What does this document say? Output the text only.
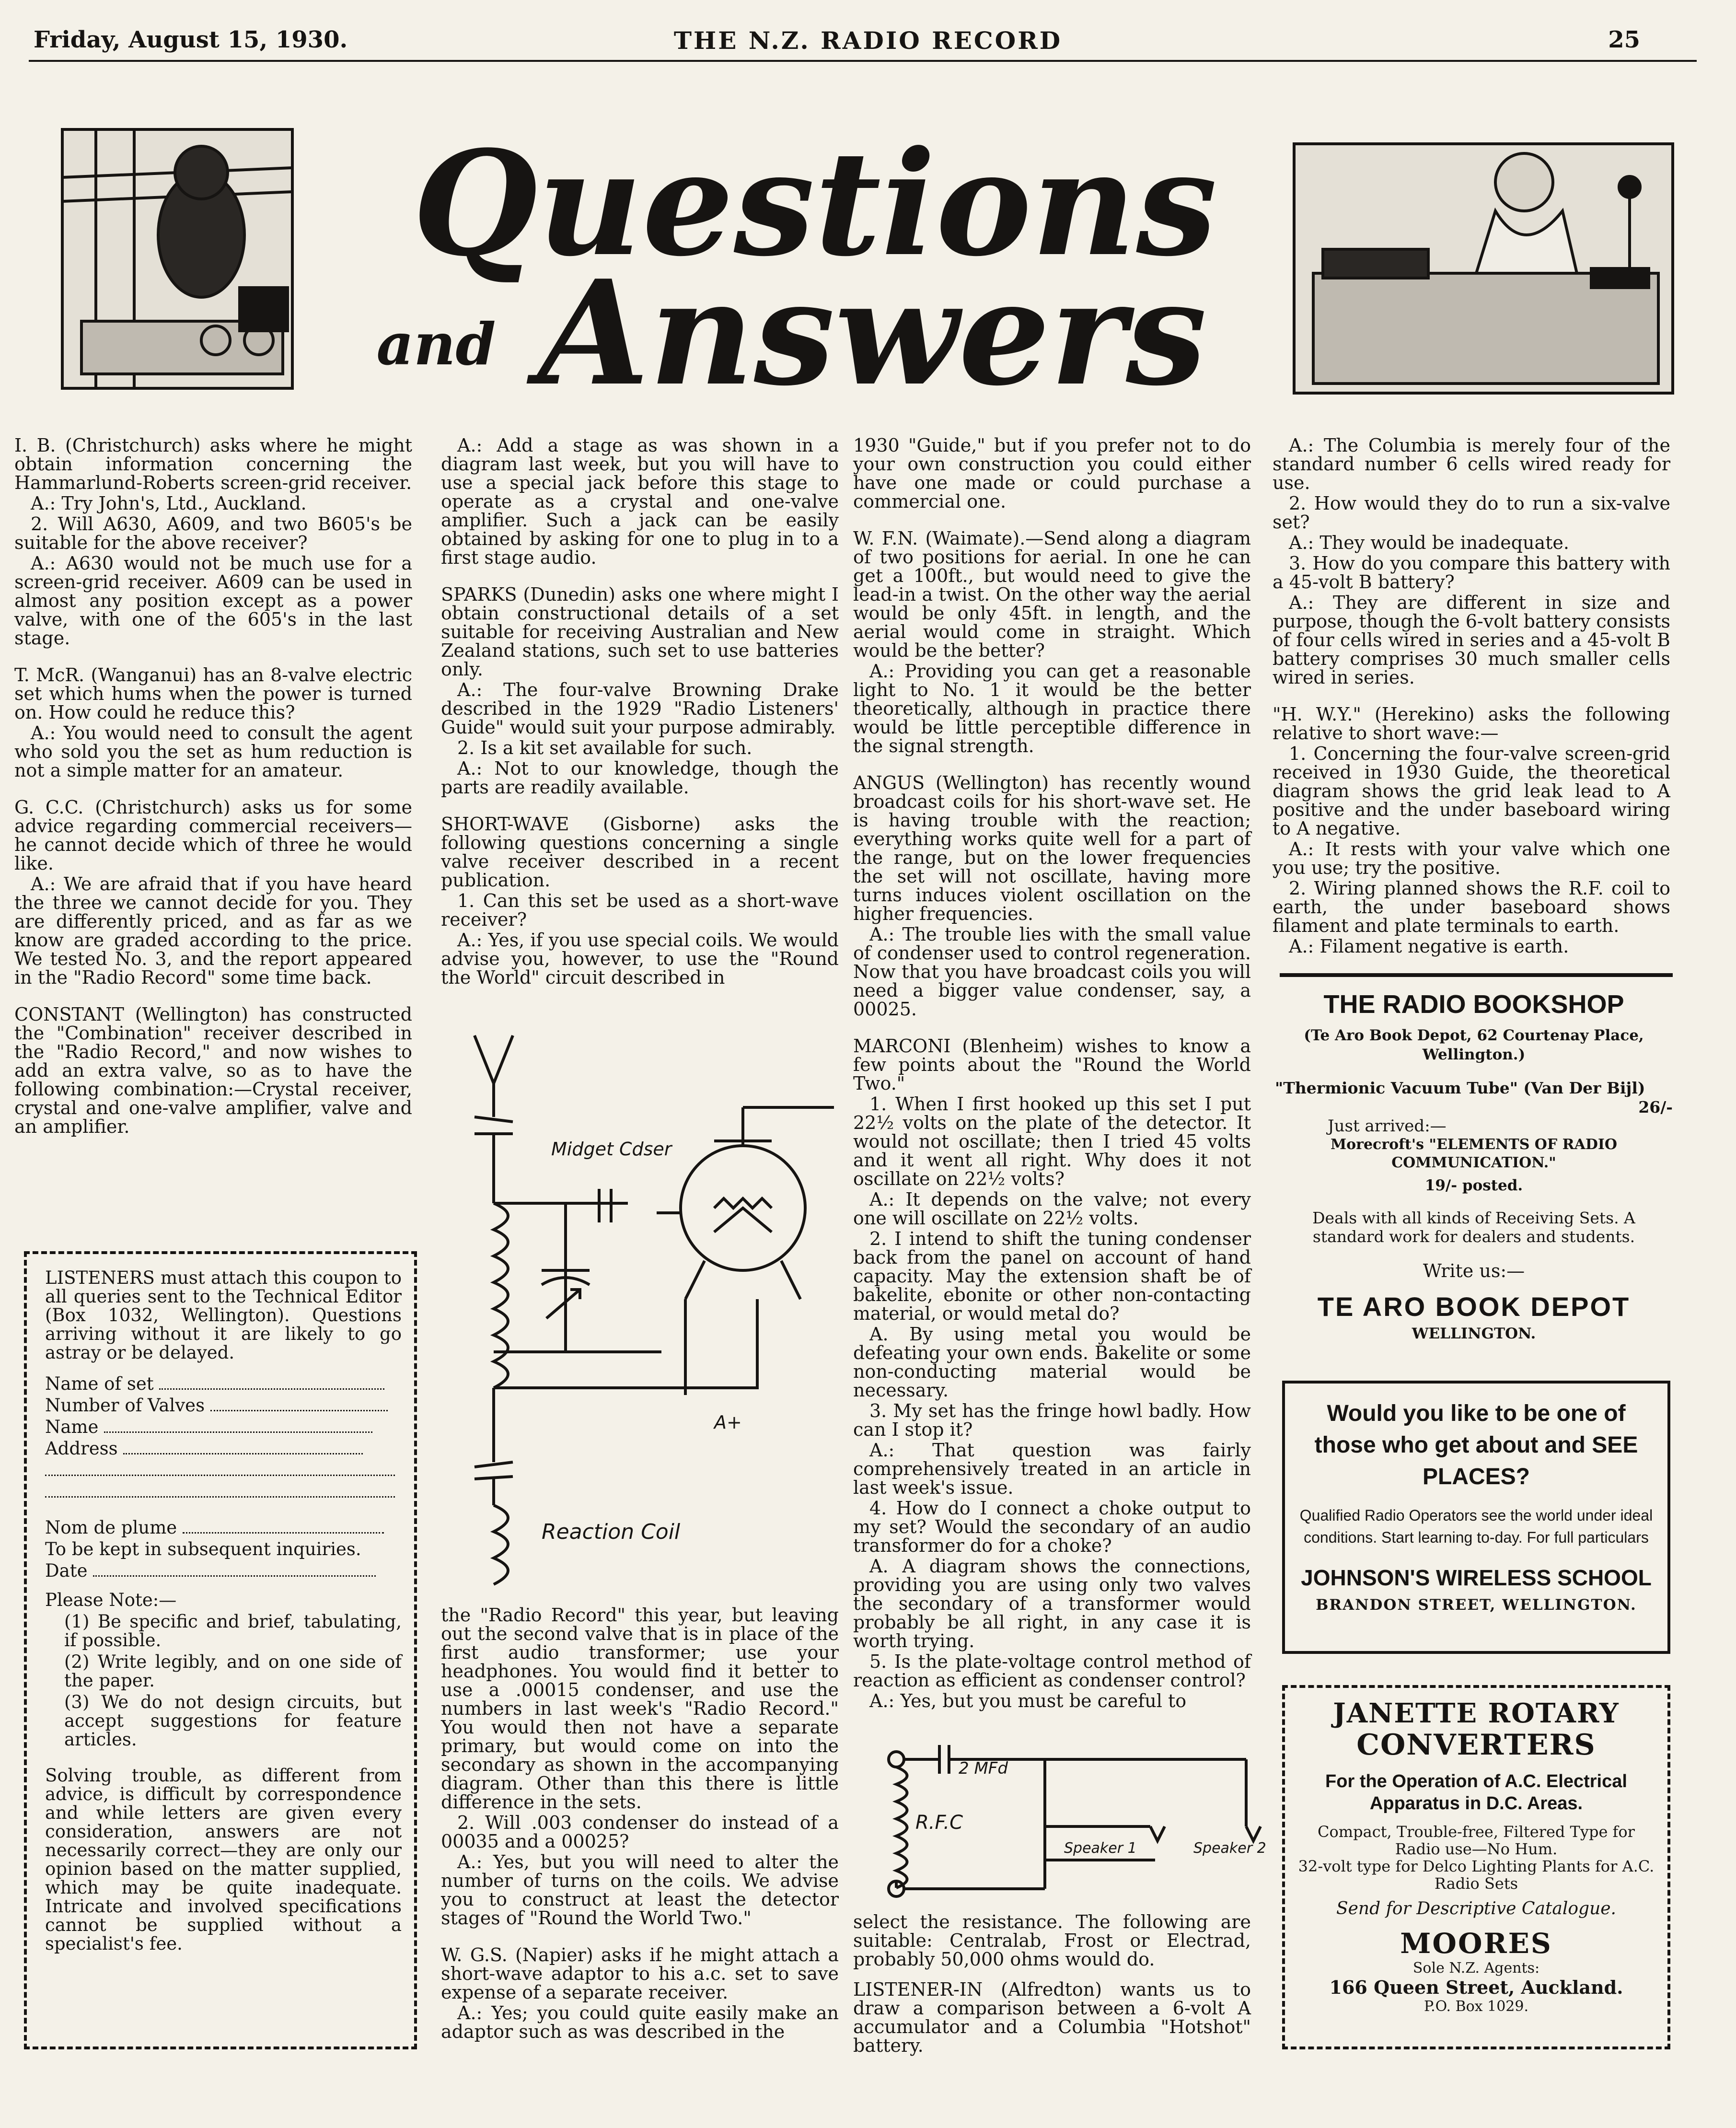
Friday, August 15, 1930.	THE N.Z. RADIO RECORD	25
Questions
and Answers

I. B. (Christchurch) asks where he might obtain information concerning the Hammarlund-Roberts screen-grid receiver.

A.: Try John's, Ltd., Auckland.

2. Will A630, A609, and two B605's be suitable for the above receiver?

A.: A630 would not be much use for a screen-grid receiver. A609 can be used in almost any position except as a power valve, with one of the 605's in the last stage.

T. McR. (Wanganui) has an 8-valve electric set which hums when the power is turned on. How could he reduce this?

A.: You would need to consult the agent who sold you the set as hum reduction is not a simple matter for an amateur.

G. C.C. (Christchurch) asks us for some advice regarding commercial receivers—he cannot decide which of three he would like.

A.: We are afraid that if you have heard the three we cannot decide for you. They are differently priced, and as far as we know are graded according to the price. We tested No. 3, and the report appeared in the "Radio Record" some time back.

CONSTANT (Wellington) has constructed the "Combination" receiver described in the "Radio Record," and now wishes to add an extra valve, so as to have the following combination:—Crystal receiver, crystal and one-valve amplifier, valve and an amplifier.

LISTENERS must attach this coupon to all queries sent to the Technical Editor (Box 1032, Wellington). Questions arriving without it are likely to go astray or be delayed.

Name of set

Number of Valves

Name

Address

Nom de plume

To be kept in subsequent inquiries.

Date

Please Note:—

(1) Be specific and brief, tabulating, if possible.

(2) Write legibly, and on one side of the paper.

(3) We do not design circuits, but accept suggestions for feature articles.

Solving trouble, as different from advice, is difficult by correspondence and while letters are given every consideration, answers are not necessarily correct—they are only our opinion based on the matter supplied, which may be quite inadequate. Intricate and involved specifications cannot be supplied without a specialist's fee.

A.: Add a stage as was shown in a diagram last week, but you will have to use a special jack before this stage to operate as a crystal and one-valve amplifier. Such a jack can be easily obtained by asking for one to plug in to a first stage audio.

SPARKS (Dunedin) asks one where might I obtain constructional details of a set suitable for receiving Australian and New Zealand stations, such set to use batteries only.

A.: The four-valve Browning Drake described in the 1929 "Radio Listeners' Guide" would suit your purpose admirably.

2. Is a kit set available for such.

A.: Not to our knowledge, though the parts are readily available.

SHORT-WAVE (Gisborne) asks the following questions concerning a single valve receiver described in a recent publication.

1. Can this set be used as a short-wave receiver?

A.: Yes, if you use special coils. We would advise you, however, to use the "Round the World" circuit described in

Midget Cdser
A+
Reaction Coil

the "Radio Record" this year, but leaving out the second valve that is in place of the first audio transformer; use your headphones. You would find it better to use a .00015 condenser, and use the numbers in last week's "Radio Record." You would then not have a separate primary, but would come on into the secondary as shown in the accompanying diagram. Other than this there is little difference in the sets.

2. Will .003 condenser do instead of a 00035 and a 00025?

A.: Yes, but you will need to alter the number of turns on the coils. We advise you to construct at least the detector stages of "Round the World Two."

W. G.S. (Napier) asks if he might attach a short-wave adaptor to his a.c. set to save expense of a separate receiver.

A.: Yes; you could quite easily make an adaptor such as was described in the

1930 "Guide," but if you prefer not to do your own construction you could either have one made or could purchase a commercial one.

W. F.N. (Waimate).—Send along a diagram of two positions for aerial. In one he can get a 100ft., but would need to give the lead-in a twist. On the other way the aerial would be only 45ft. in length, and the aerial would come in straight. Which would be the better?

A.: Providing you can get a reasonable light to No. 1 it would be the better theoretically, although in practice there would be little perceptible difference in the signal strength.

ANGUS (Wellington) has recently wound broadcast coils for his short-wave set. He is having trouble with the reaction; everything works quite well for a part of the range, but on the lower frequencies the set will not oscillate, having more turns induces violent oscillation on the higher frequencies.

A.: The trouble lies with the small value of condenser used to control regeneration. Now that you have broadcast coils you will need a bigger value condenser, say, a 00025.

MARCONI (Blenheim) wishes to know a few points about the "Round the World Two."

1. When I first hooked up this set I put 22½ volts on the plate of the detector. It would not oscillate; then I tried 45 volts and it went all right. Why does it not oscillate on 22½ volts?

A.: It depends on the valve; not every one will oscillate on 22½ volts.

2. I intend to shift the tuning condenser back from the panel on account of hand capacity. May the extension shaft be of bakelite, ebonite or other non-contacting material, or would metal do?

A. By using metal you would be defeating your own ends. Bakelite or some non-conducting material would be necessary.

3. My set has the fringe howl badly. How can I stop it?

A.: That question was fairly comprehensively treated in an article in last week's issue.

4. How do I connect a choke output to my set? Would the secondary of an audio transformer do for a choke?

A. A diagram shows the connections, providing you are using only two valves the secondary of a transformer would probably be all right, in any case it is worth trying.

5. Is the plate-voltage control method of reaction as efficient as condenser control?

A.: Yes, but you must be careful to

2 MFd
R.F.C
Speaker 1	Speaker 2

select the resistance. The following are suitable: Centralab, Frost or Electrad, probably 50,000 ohms would do.

LISTENER-IN (Alfredton) wants us to draw a comparison between a 6-volt A accumulator and a Columbia "Hotshot" battery.

A.: The Columbia is merely four of the standard number 6 cells wired ready for use.

2. How would they do to run a six-valve set?

A.: They would be inadequate.

3. How do you compare this battery with a 45-volt B battery?

A.: They are different in size and purpose, though the 6-volt battery consists of four cells wired in series and a 45-volt B battery comprises 30 much smaller cells wired in series.

"H. W.Y." (Herekino) asks the following relative to short wave:—

1. Concerning the four-valve screen-grid received in 1930 Guide, the theoretical diagram shows the grid leak lead to A positive and the under baseboard wiring to A negative.

A.: It rests with your valve which one you use; try the positive.

2. Wiring planned shows the R.F. coil to earth, the under baseboard shows filament and plate terminals to earth.

A.: Filament negative is earth.

THE RADIO BOOKSHOP
(Te Aro Book Depot, 62 Courtenay Place, Wellington.)
"Thermionic Vacuum Tube" (Van Der Bijl)
26/-
Just arrived:—
Morecroft's "ELEMENTS OF RADIO COMMUNICATION."
19/- posted.
Deals with all kinds of Receiving Sets. A standard work for dealers and students.
Write us:—
TE ARO BOOK DEPOT
WELLINGTON.
Would you like to be one of those who get about and SEE PLACES?
Qualified Radio Operators see the world under ideal conditions. Start learning to-day. For full particulars
JOHNSON'S WIRELESS SCHOOL
BRANDON STREET, WELLINGTON.
JANETTE ROTARY
CONVERTERS
For the Operation of A.C. Electrical Apparatus in D.C. Areas.
Compact, Trouble-free, Filtered Type for Radio use—No Hum.
32-volt type for Delco Lighting Plants for A.C. Radio Sets
Send for Descriptive Catalogue.
MOORES
Sole N.Z. Agents:
166 Queen Street, Auckland.
P.O. Box 1029.
